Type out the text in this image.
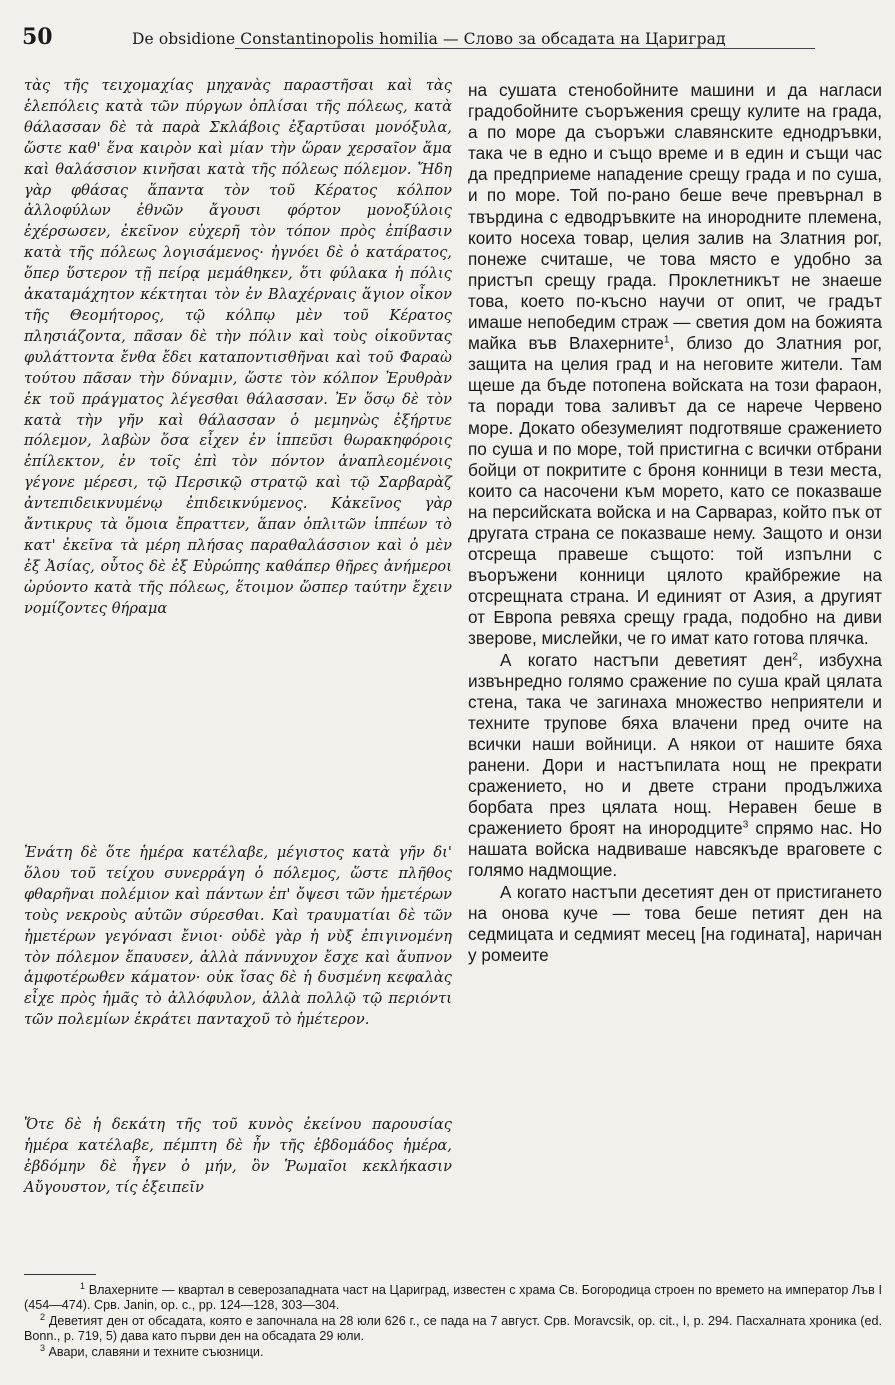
50	De obsidione Constantinopolis homilia — Слово за обсадата на Цариград

τὰς τῆς τειχομαχίας μηχανὰς παραστῆσαι καὶ τὰς ἑλεπόλεις κατὰ τῶν πύργων ὁπλίσαι τῆς πόλεως, κατὰ θάλασσαν δὲ τὰ παρὰ Σκλάβοις ἐξαρτῦσαι μονόξυλα, ὥστε καθ' ἕνα καιρὸν καὶ μίαν τὴν ὥραν χερσαῖον ἅμα καὶ θαλάσσιον κινῆσαι κατὰ τῆς πόλεως πόλεμον. Ἤδη γὰρ φθάσας ἅπαντα τὸν τοῦ Κέρατος κόλπον ἀλλοφύλων ἐθνῶν ἄγουσι φόρτον μονοξύλοις ἐχέρσωσεν, ἐκεῖνον εὐχερῆ τὸν τόπον πρὸς ἐπίβασιν κατὰ τῆς πόλεως λογισάμενος· ἠγνόει δὲ ὁ κατάρατος, ὅπερ ὕστερον τῇ πείρᾳ μεμάθηκεν, ὅτι φύλακα ἡ πόλις ἀκαταμάχητον κέκτηται τὸν ἐν Βλαχέρναις ἅγιον οἶκον τῆς Θεομήτορος, τῷ κόλπῳ μὲν τοῦ Κέρατος πλησιάζοντα, πᾶσαν δὲ τὴν πόλιν καὶ τοὺς οἰκοῦντας φυλάττοντα ἔνθα ἔδει καταποντισθῆναι καὶ τοῦ Φαραὼ τούτου πᾶσαν τὴν δύναμιν, ὥστε τὸν κόλπον Ἐρυθρὰν ἐκ τοῦ πράγματος λέγεσθαι θάλασσαν. Ἐν ὅσῳ δὲ τὸν κατὰ τὴν γῆν καὶ θάλασσαν ὁ μεμηνὼς ἐξήρτυε πόλεμον, λαβὼν ὅσα εἶχεν ἐν ἱππεῦσι θωρακηφόροις ἐπίλεκτον, ἐν τοῖς ἐπὶ τὸν πόντον ἀναπλεομένοις γέγονε μέρεσι, τῷ Περσικῷ στρατῷ καὶ τῷ Σαρβαρὰζ ἀντεπιδεικνυμένῳ ἐπιδεικνύμενος. Κἀκεῖνος γὰρ ἄντικρυς τὰ ὅμοια ἔπραττεν, ἅπαν ὁπλιτῶν ἱππέων τὸ κατ' ἐκεῖνα τὰ μέρη πλήσας παραθαλάσσιον καὶ ὁ μὲν ἐξ Ἀσίας, οὗτος δὲ ἐξ Εὐρώπης καθάπερ θῆρες ἀνήμεροι ὠρύοντο κατὰ τῆς πόλεως, ἕτοιμον ὥσπερ ταύτην ἔχειν νομίζοντες θήραμα

Ἐνάτη δὲ ὅτε ἡμέρα κατέλαβε, μέγιστος κατὰ γῆν δι' ὅλου τοῦ τείχου συνερράγη ὁ πόλεμος, ὥστε πλῆθος φθαρῆναι πολέμιον καὶ πάντων ἐπ' ὄψεσι τῶν ἡμετέρων τοὺς νεκροὺς αὐτῶν σύρεσθαι. Καὶ τραυματίαι δὲ τῶν ἡμετέρων γεγόνασι ἔνιοι· οὐδὲ γὰρ ἡ νὺξ ἐπιγινομένη τὸν πόλεμον ἔπαυσεν, ἀλλὰ πάννυχον ἔσχε καὶ ἄυπνον ἀμφοτέρωθεν κάματον· οὐκ ἴσας δὲ ἡ δυσμένη κεφαλὰς εἶχε πρὸς ἡμᾶς τὸ ἀλλόφυλον, ἀλλὰ πολλῷ τῷ περιόντι τῶν πολεμίων ἐκράτει πανταχοῦ τὸ ἡμέτερον.

Ὅτε δὲ ἡ δεκάτη τῆς τοῦ κυνὸς ἐκείνου παρουσίας ἡμέρα κατέλαβε, πέμπτη δὲ ἦν τῆς ἑβδομάδος ἡμέρα, ἑβδόμην δὲ ἦγεν ὁ μήν, ὃν Ῥωμαῖοι κεκλήκασιν Αὔγουστον, τίς ἐξειπεῖν

на сушата стенобойните машини и да нагласи градобойните съоръжения срещу кулите на града, а по море да съоръжи славянските еднодръвки, така че в едно и също време и в един и същи час да предприеме нападение срещу града и по суша, и по море. Той по-рано беше вече превърнал в твърдина с едводръвките на инородните племена, които носеха товар, целия залив на Златния рог, понеже считаше, че това място е удобно за пристъп срещу града. Проклетникът не знаеше това, което по-късно научи от опит, че градът имаше непобедим страж — светия дом на божията майка във Влахерните$^1$, близо до Златния рог, защита на целия град и на неговите жители. Там щеше да бъде потопена войската на този фараон, та поради това заливът да се нарече Червено море. Докато обезумелият подготвяше сражението по суша и по море, той пристигна с всички отбрани бойци от покритите с броня конници в тези места, които са насочени към морето, като се показваше на персийската войска и на Сарвараз, който пък от другата страна се показваше нему. Защото и онзи отсреща правеше същото: той изпълни с въоръжени конници цялото крайбрежие на отсрещната страна. И единият от Азия, а другият от Европа ревяха срещу града, подобно на диви зверове, мислейки, че го имат като готова плячка.

А когато настъпи деветият ден$^2$, избухна извънредно голямо сражение по суша край цялата стена, така че загинаха множество неприятели и техните трупове бяха влачени пред очите на всички наши войници. А някои от нашите бяха ранени. Дори и настъпилата нощ не прекрати сражението, но и двете страни продължиха борбата през цялата нощ. Неравен беше в сражението броят на инородците$^3$ спрямо нас. Но нашата войска надвиваше навсякъде враговете с голямо надмощие.

А когато настъпи десетият ден от пристигането на онова куче — това беше петият ден на седмицата и седмият месец [на годината], наричан у ромеите

$^1$ Влахерните — квартал в северозападната част на Цариград, известен с храма Св. Богородица строен по времето на император Лъв I (454—474). Срв. Janin, op. c., pp. 124—128, 303—304.

$^2$ Деветият ден от обсадата, която е започнала на 28 юли 626 г., се пада на 7 август. Срв. Moravcsik, op. cit., I, p. 294. Пасхалната хроника (ed. Bonn., p. 719, 5) дава като първи ден на обсадата 29 юли.

$^3$ Авари, славяни и техните съюзници.
